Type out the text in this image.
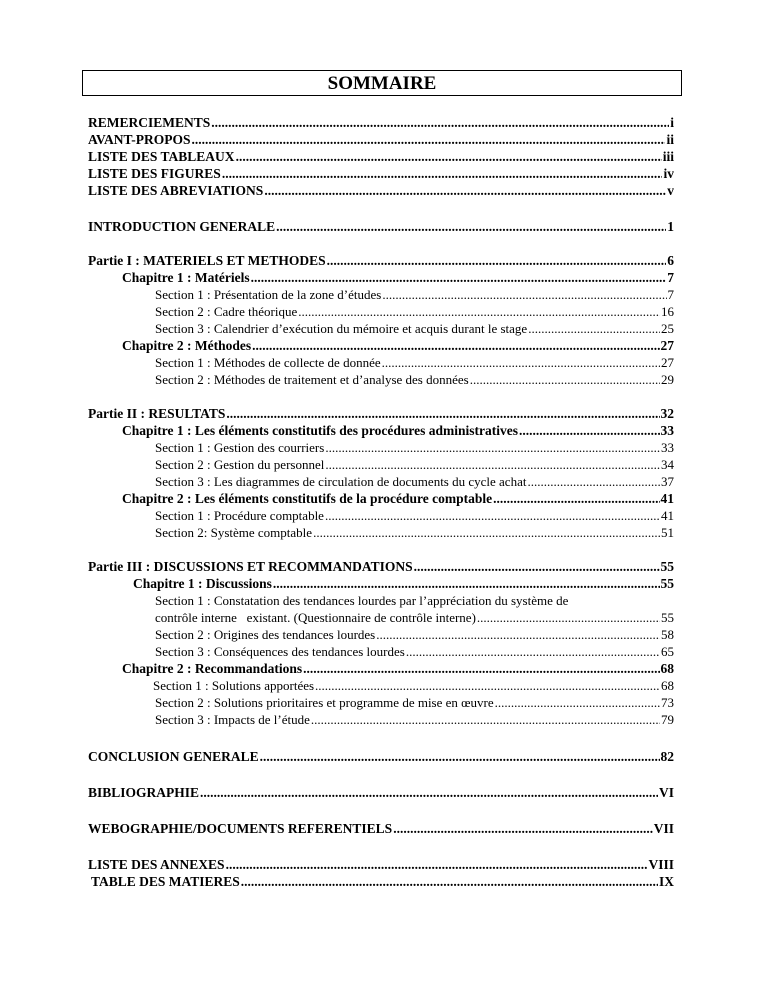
SOMMAIRE
REMERCIEMENTS .....	i
AVANT-PROPOS .....	ii
LISTE DES TABLEAUX .....	iii
LISTE DES FIGURES .....	iv
LISTE DES ABREVIATIONS .....	v
INTRODUCTION GENERALE .....	1
Partie I : MATERIELS ET METHODES .....	6
Chapitre 1 : Matériels .....	7
Section 1 : Présentation de la zone d’études .....	7
Section 2 : Cadre théorique .....	16
Section 3 : Calendrier d’exécution du mémoire et acquis durant le stage .....	25
Chapitre 2 : Méthodes .....	27
Section 1 : Méthodes de collecte de donnée .....	27
Section 2 : Méthodes de traitement et d’analyse des données .....	29
Partie II : RESULTATS .....	32
Chapitre 1 : Les éléments constitutifs des procédures administratives .....	33
Section 1 : Gestion des courriers .....	33
Section 2 : Gestion du personnel .....	34
Section 3 : Les diagrammes de circulation de documents du cycle achat .....	37
Chapitre 2 : Les éléments constitutifs de la procédure comptable .....	41
Section 1 : Procédure comptable .....	41
Section 2: Système comptable .....	51
Partie III : DISCUSSIONS ET RECOMMANDATIONS .....	55
Chapitre 1 : Discussions .....	55
Section 1 : Constatation des tendances lourdes par l’appréciation du système de
contrôle interne   existant. (Questionnaire de contrôle interne) .....	55
Section 2 : Origines des tendances lourdes .....	58
Section 3 : Conséquences des tendances lourdes .....	65
Chapitre 2 : Recommandations .....	68
Section 1 : Solutions apportées .....	68
Section 2 : Solutions prioritaires et programme de mise en œuvre .....	73
Section 3 : Impacts de l’étude .....	79
CONCLUSION GENERALE .....	82
BIBLIOGRAPHIE .....	VI
WEBOGRAPHIE/DOCUMENTS REFERENTIELS .....	VII
LISTE DES ANNEXES .....	VIII
TABLE DES MATIERES .....	IX
